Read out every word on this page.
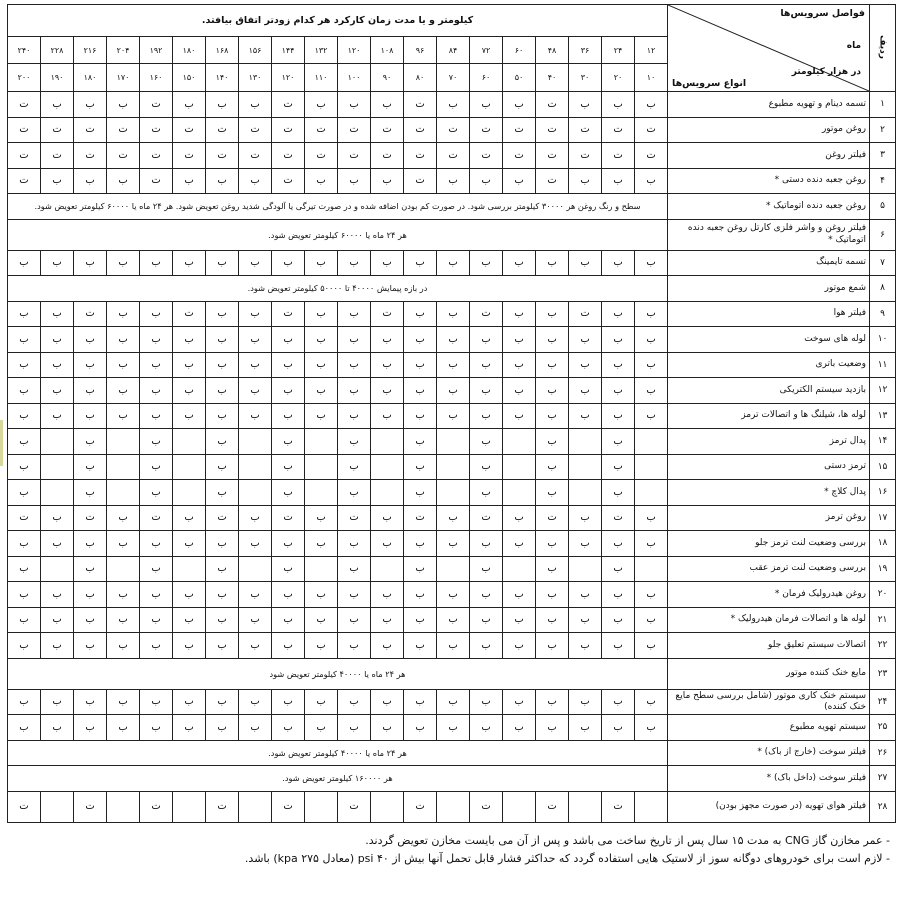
ردیف	فواصل سرویس‌ها
انواع سرویس‌ها
ماه
در هزار کیلومتر	کیلومتر و یا مدت زمان کارکرد هر کدام زودتر اتفاق بیافتد.																			
		۱۲	۲۴	۳۶	۴۸	۶۰	۷۲	۸۴	۹۶	۱۰۸	۱۲۰	۱۳۲	۱۴۴	۱۵۶	۱۶۸	۱۸۰	۱۹۲	۲۰۴	۲۱۶	۲۲۸	۲۴۰
		۱۰	۲۰	۳۰	۴۰	۵۰	۶۰	۷۰	۸۰	۹۰	۱۰۰	۱۱۰	۱۲۰	۱۳۰	۱۴۰	۱۵۰	۱۶۰	۱۷۰	۱۸۰	۱۹۰	۲۰۰
۱	تسمه دینام و تهویه مطبوع	ب	ب	ب	ت	ب	ب	ب	ت	ب	ب	ب	ت	ب	ب	ب	ت	ب	ب	ب	ت
۲	روغن موتور	ت	ت	ت	ت	ت	ت	ت	ت	ت	ت	ت	ت	ت	ت	ت	ت	ت	ت	ت	ت
۳	فیلتر روغن	ت	ت	ت	ت	ت	ت	ت	ت	ت	ت	ت	ت	ت	ت	ت	ت	ت	ت	ت	ت
۴	روغن جعبه دنده دستی *	ب	ب	ب	ت	ب	ب	ب	ت	ب	ب	ب	ت	ب	ب	ب	ت	ب	ب	ب	ت
۵	روغن جعبه دنده اتوماتیک *	سطح و رنگ روغن هر ۳۰۰۰۰ کیلومتر بررسی شود. در صورت کم بودن اضافه شده و در صورت تیرگی یا آلودگی شدید روغن تعویض شود. هر ۲۴ ماه یا ۶۰۰۰۰ کیلومتر تعویض شود.																			
۶	فیلتر روغن و واشر فلزی کارتل روغن جعبه دنده اتوماتیک *	هر ۲۴ ماه یا ۶۰۰۰۰ کیلومتر تعویض شود.																			
۷	تسمه تایمینگ	ب	ب	ب	ب	ب	ب	ب	ب	ب	ب	ب	ب	ب	ب	ب	ب	ب	ب	ب	ب
۸	شمع موتور	در بازه پیمایش ۴۰۰۰۰ تا ۵۰۰۰۰ کیلومتر تعویض شود.																			
۹	فیلتر هوا	ب	ب	ت	ب	ب	ت	ب	ب	ت	ب	ب	ت	ب	ب	ت	ب	ب	ت	ب	ب
۱۰	لوله های سوخت	ب	ب	ب	ب	ب	ب	ب	ب	ب	ب	ب	ب	ب	ب	ب	ب	ب	ب	ب	ب
۱۱	وضعیت باتری	ب	ب	ب	ب	ب	ب	ب	ب	ب	ب	ب	ب	ب	ب	ب	ب	ب	ب	ب	ب
۱۲	بازدید سیستم الکتریکی	ب	ب	ب	ب	ب	ب	ب	ب	ب	ب	ب	ب	ب	ب	ب	ب	ب	ب	ب	ب
۱۳	لوله ها، شیلنگ ها و اتصالات ترمز	ب	ب	ب	ب	ب	ب	ب	ب	ب	ب	ب	ب	ب	ب	ب	ب	ب	ب	ب	ب
۱۴	پدال ترمز		ب		ب		ب		ب		ب		ب		ب		ب		ب		ب
۱۵	ترمز دستی		ب		ب		ب		ب		ب		ب		ب		ب		ب		ب
۱۶	پدال کلاچ *		ب		ب		ب		ب		ب		ب		ب		ب		ب		ب
۱۷	روغن ترمز	ب	ت	ب	ت	ب	ت	ب	ت	ب	ت	ب	ت	ب	ت	ب	ت	ب	ت	ب	ت
۱۸	بررسی وضعیت لنت ترمز جلو	ب	ب	ب	ب	ب	ب	ب	ب	ب	ب	ب	ب	ب	ب	ب	ب	ب	ب	ب	ب
۱۹	بررسی وضعیت لنت ترمز عقب		ب		ب		ب		ب		ب		ب		ب		ب		ب		ب
۲۰	روغن هیدرولیک فرمان *	ب	ب	ب	ب	ب	ب	ب	ب	ب	ب	ب	ب	ب	ب	ب	ب	ب	ب	ب	ب
۲۱	لوله ها و اتصالات فرمان هیدرولیک *	ب	ب	ب	ب	ب	ب	ب	ب	ب	ب	ب	ب	ب	ب	ب	ب	ب	ب	ب	ب
۲۲	اتصالات سیستم تعلیق جلو	ب	ب	ب	ب	ب	ب	ب	ب	ب	ب	ب	ب	ب	ب	ب	ب	ب	ب	ب	ب
۲۳	مایع خنک کننده موتور	هر ۲۴ ماه یا ۴۰۰۰۰ کیلومتر تعویض شود																			
۲۴	سیستم خنک کاری موتور (شامل بررسی سطح مایع خنک کننده)	ب	ب	ب	ب	ب	ب	ب	ب	ب	ب	ب	ب	ب	ب	ب	ب	ب	ب	ب	ب
۲۵	سیستم تهویه مطبوع	ب	ب	ب	ب	ب	ب	ب	ب	ب	ب	ب	ب	ب	ب	ب	ب	ب	ب	ب	ب
۲۶	فیلتر سوخت (خارج از باک) *	هر ۲۴ ماه یا ۴۰۰۰۰ کیلومتر تعویض شود.																			
۲۷	فیلتر سوخت (داخل باک) *	هر ۱۶۰۰۰۰ کیلومتر تعویض شود.																			
۲۸	فیلتر هوای تهویه (در صورت مجهز بودن)		ت		ت		ت		ت		ت		ت		ت		ت		ت		ت
- عمر مخازن گاز CNG به مدت ۱۵ سال پس از تاریخ ساخت می باشد و پس از آن می بایست مخازن تعویض گردند.
- لازم است برای خودروهای دوگانه سوز از لاستیک هایی استفاده گردد که حداکثر فشار قابل تحمل آنها بیش از ۴۰ psi (معادل ۲۷۵ kpa) باشد.
